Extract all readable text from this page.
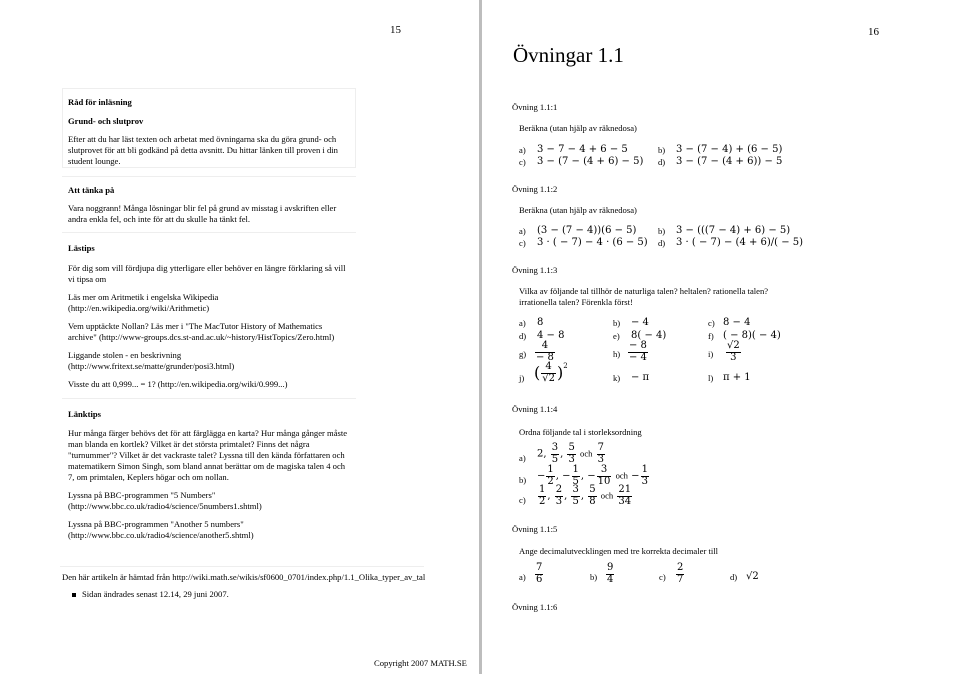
15
Råd för inläsning
Grund- och slutprov
Efter att du har läst texten och arbetat med övningarna ska du göra grund- och
slutprovet för att bli godkänd på detta avsnitt. Du hittar länken till proven i din
student lounge.
Att tänka på
Vara noggrann! Många lösningar blir fel på grund av misstag i avskriften eller
andra enkla fel, och inte för att du skulle ha tänkt fel.
Lästips
För dig som vill fördjupa dig ytterligare eller behöver en längre förklaring så vill
vi tipsa om
Läs mer om Aritmetik i engelska Wikipedia
(http://en.wikipedia.org/wiki/Arithmetic)
Vem upptäckte Nollan? Läs mer i "The MacTutor History of Mathematics
archive" (http://www-groups.dcs.st-and.ac.uk/~history/HistTopics/Zero.html)
Liggande stolen - en beskrivning
(http://www.fritext.se/matte/grunder/posi3.html)
Visste du att 0,999... = 1? (http://en.wikipedia.org/wiki/0.999...)
Länktips
Hur många färger behövs det för att färglägga en karta? Hur många gånger måste
man blanda en kortlek? Vilket är det största primtalet? Finns det några
"turnummer"? Vilket är det vackraste talet? Lyssna till den kända författaren och
matematikern Simon Singh, som bland annat berättar om de magiska talen 4 och
7, om primtalen, Keplers högar och om nollan.
Lyssna på BBC-programmen "5 Numbers"
(http://www.bbc.co.uk/radio4/science/5numbers1.shtml)
Lyssna på BBC-programmen "Another 5 numbers"
(http://www.bbc.co.uk/radio4/science/another5.shtml)
Den här artikeln är hämtad från http://wiki.math.se/wikis/sf0600_0701/index.php/1.1_Olika_typer_av_tal
Sidan ändrades senast 12.14, 29 juni 2007.
16
Övningar 1.1
Övning 1.1:1
Beräkna (utan hjälp av räknedosa)
a) 3 − 7 − 4 + 6 − 5	b) 3 − (7 − 4) + (6 − 5)
c) 3 − (7 − (4 + 6) − 5) d) 3 − (7 − (4 + 6)) − 5
Övning 1.1:2
Beräkna (utan hjälp av räknedosa)
a) (3 − (7 − 4))(6 − 5)	b) 3 − (((7 − 4) + 6) − 5)
c) 3 · ( − 7) − 4 · (6 − 5) d) 3 · ( − 7) − (4 + 6)/( − 5)
Övning 1.1:3
Vilka av följande tal tillhör de naturliga talen? heltalen? rationella talen?
irrationella talen? Förenkla först!
a) 8	b) − 4	c) 8 − 4
d) 4 − 8	e) 8( − 4)	f) ( − 8)( − 4)
$g) \frac{4}{- 8}$	$h) \frac{- 8}{- 4}$	$i) \frac{√2}{3}$
j) ( $\frac{4}{√2} )^2$
k) − π	l) π + 1
Övning 1.1:4
Ordna följande tal i storleksordning
a) 2, $\frac{3}{5}$ , $\frac{5}{3}$ och $\frac{7}{3}$
$b) - \frac{1}{2}$ , − $\frac{1}{5}$ , − $\frac{3}{10}$ och − $\frac{1}{3}$
$c) \frac{1}{2}$ , $\frac{2}{3}$ , $\frac{3}{5}$ , $\frac{5}{8}$ och $\frac{21}{34}$
Övning 1.1:5
Ange decimalutvecklingen med tre korrekta decimaler till
$a) \frac{7}{6}$	$b) \frac{9}{4}$	$c) \frac{2}{7}$	d) √2
Övning 1.1:6
Copyright 2007 MATH.SE
